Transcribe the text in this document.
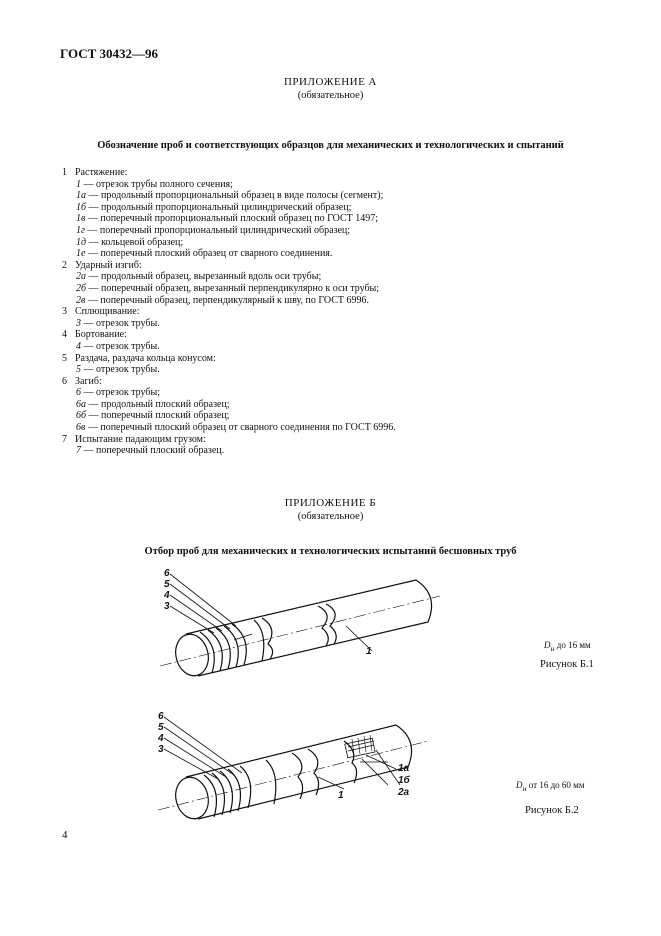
ГОСТ 30432—96
ПРИЛОЖЕНИЕ А
(обязательное)
Обозначение проб и соответствующих образцов для механических и технологических и спытаний
1 Растяжение:
1 — отрезок трубы полного сечения;
1а — продольный пропорциональный образец в виде полосы (сегмент);
1б — продольный пропорциональный цилиндрический образец;
1в — поперечный пропорциональный плоский образец по ГОСТ 1497;
1г — поперечный пропорциональный цилиндрический образец;
1д — кольцевой образец;
1е — поперечный плоский образец от сварного соединения.
2 Ударный изгиб:
2а — продольный образец, вырезанный вдоль оси трубы;
2б — поперечный образец, вырезанный перпендикулярно к оси трубы;
2в — поперечный образец, перпендикулярный к шву, по ГОСТ 6996.
3 Сплющивание:
3 — отрезок трубы.
4 Бортование:
4 — отрезок трубы.
5 Раздача, раздача кольца конусом:
5 — отрезок трубы.
6 Загиб:
6 — отрезок трубы;
6а — продольный плоский образец;
6б — поперечный плоский образец;
6в — поперечный плоский образец от сварного соединения по ГОСТ 6996.
7 Испытание падающим грузом:
7 — поперечный плоский образец.
ПРИЛОЖЕНИЕ Б
(обязательное)
Отбор проб для механических и технологических испытаний бесшовных труб
6
5
4
3
1
$D_н$ до 16 мм
Рисунок Б.1
6
5
4
3
1
1а
1б
2а
$D_н$ от 16 до 60 мм
Рисунок Б.2
4
